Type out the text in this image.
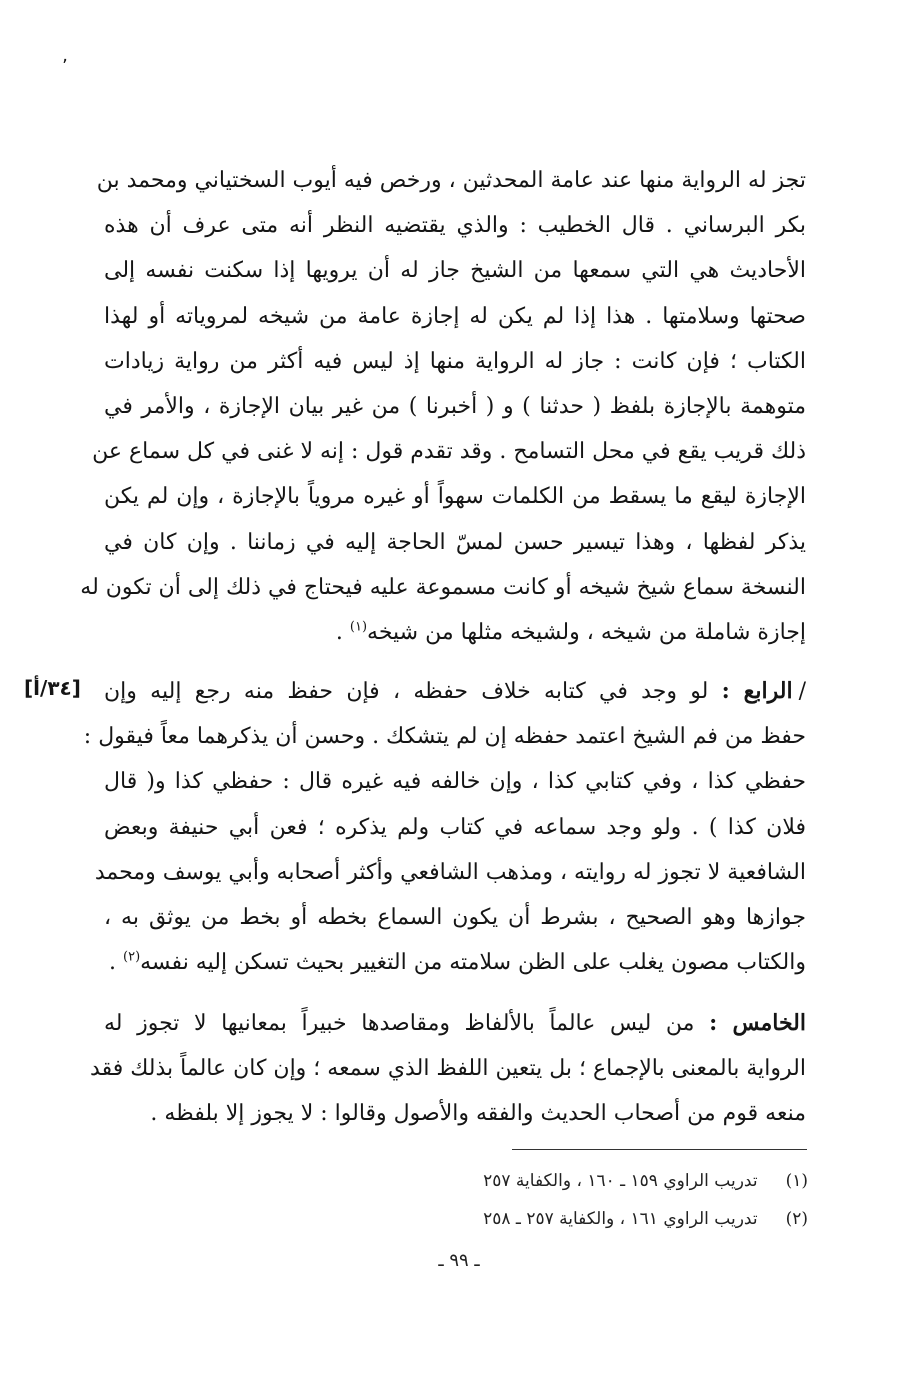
٬
تجز له الرواية منها عند عامة المحدثين ، ورخص فيه أيوب السختياني ومحمد بن
بكر البرساني . قال الخطيب : والذي يقتضيه النظر أنه متى عرف أن هذه
الأحاديث هي التي سمعها من الشيخ جاز له أن يرويها إذا سكنت نفسه إلى
صحتها وسلامتها . هذا إذا لم يكن له إجازة عامة من شيخه لمروياته أو لهذا
الكتاب ؛ فإن كانت : جاز له الرواية منها إذ ليس فيه أكثر من رواية زيادات
متوهمة بالإجازة بلفظ ( حدثنا ) و ( أخبرنا ) من غير بيان الإجازة ، والأمر في
ذلك قريب يقع في محل التسامح . وقد تقدم قول : إنه لا غنى في كل سماع عن
الإجازة ليقع ما يسقط من الكلمات سهواً أو غيره مروياً بالإجازة ، وإن لم يكن
يذكر لفظها ، وهذا تيسير حسن لمسّ الحاجة إليه في زماننا . وإن كان في
النسخة سماع شيخ شيخه أو كانت مسموعة عليه فيحتاج في ذلك إلى أن تكون له
إجازة شاملة من شيخه ، ولشيخه مثلها من شيخه$^{(١)}$ .
[٣٤/أ]	/الرابع : لو وجد في كتابه خلاف حفظه ، فإن حفظ منه رجع إليه وإن
حفظ من فم الشيخ اعتمد حفظه إن لم يتشكك . وحسن أن يذكرهما معاً فيقول :
حفظي كذا ، وفي كتابي كذا ، وإن خالفه فيه غيره قال : حفظي كذا و( قال
فلان كذا ) . ولو وجد سماعه في كتاب ولم يذكره ؛ فعن أبي حنيفة وبعض
الشافعية لا تجوز له روايته ، ومذهب الشافعي وأكثر أصحابه وأبي يوسف ومحمد
جوازها وهو الصحيح ، بشرط أن يكون السماع بخطه أو بخط من يوثق به ،
والكتاب مصون يغلب على الظن سلامته من التغيير بحيث تسكن إليه نفسه$^{(٢)}$ .
الخامس : من ليس عالماً بالألفاظ ومقاصدها خبيراً بمعانيها لا تجوز له
الرواية بالمعنى بالإجماع ؛ بل يتعين اللفظ الذي سمعه ؛ وإن كان عالماً بذلك فقد
منعه قوم من أصحاب الحديث والفقه والأصول وقالوا : لا يجوز إلا بلفظه .
(١)تدريب الراوي ١٥٩ ـ ١٦٠ ، والكفاية ٢٥٧
(٢)تدريب الراوي ١٦١ ، والكفاية ٢٥٧ ـ ٢٥٨
ـ ٩٩ ـ
